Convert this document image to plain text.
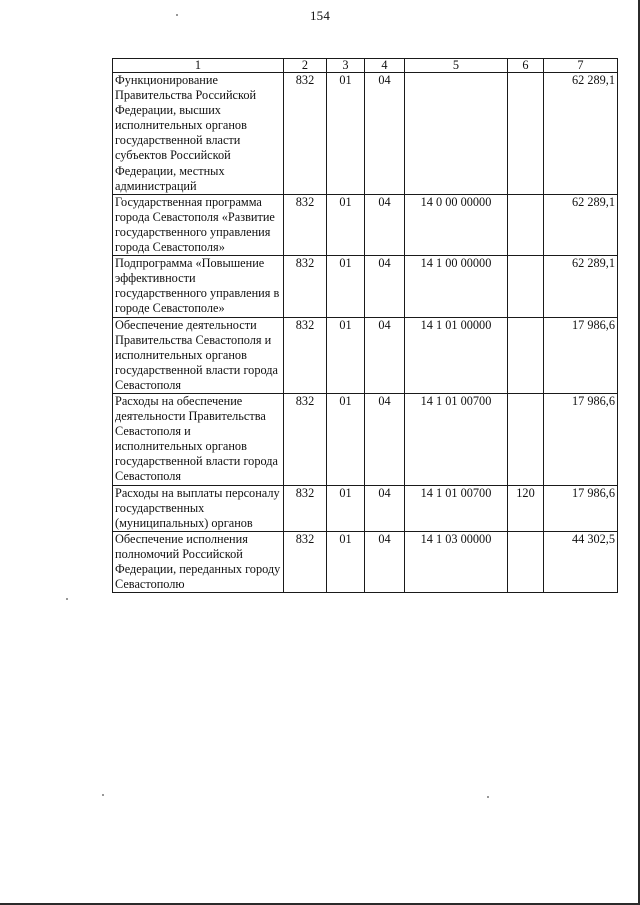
154
1	2	3	4	5	6	7
Функционирование Правительства Российской Федерации, высших исполнительных органов государственной власти субъектов Российской Федерации, местных администраций	832	01	04			62 289,1
Государственная программа города Севастополя «Развитие государственного управления города Севастополя»	832	01	04	14 0 00 00000		62 289,1
Подпрограмма «Повышение эффективности государственного управления в городе Севастополе»	832	01	04	14 1 00 00000		62 289,1
Обеспечение деятельности Правительства Севастополя и исполнительных органов государственной власти города Севастополя	832	01	04	14 1 01 00000		17 986,6
Расходы на обеспечение деятельности Правительства Севастополя и исполнительных органов государственной власти города Севастополя	832	01	04	14 1 01 00700		17 986,6
Расходы на выплаты персоналу государственных (муниципальных) органов	832	01	04	14 1 01 00700	120	17 986,6
Обеспечение исполнения полномочий Российской Федерации, переданных городу Севастополю	832	01	04	14 1 03 00000		44 302,5
